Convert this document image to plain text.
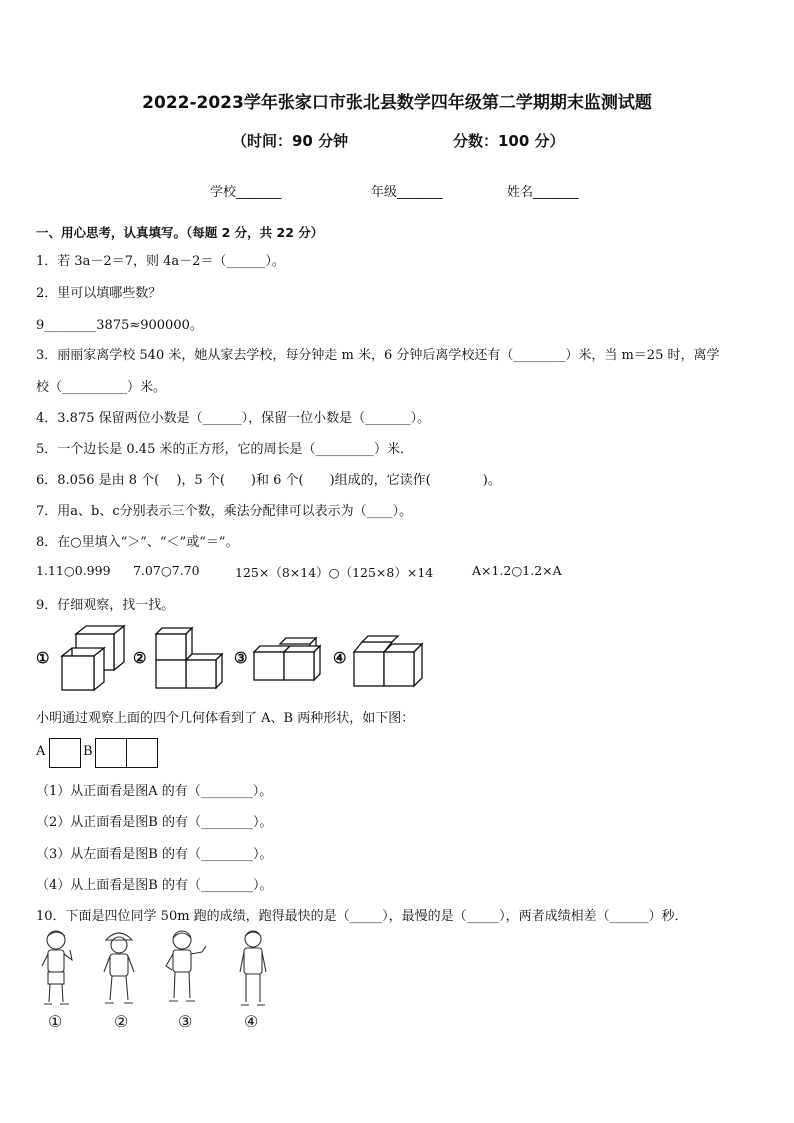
2022-2023学年张家口市张北县数学四年级第二学期期末监测试题
（时间：90 分钟	分数：100 分）
学校_______	年级_______	姓名_______
一、用心思考，认真填写。（每题 2 分，共 22 分）
1．若 3a－2＝7，则 4a－2＝（______）。
2．里可以填哪些数？
9________3875≈900000。
3．丽丽家离学校 540 米，她从家去学校，每分钟走 m 米，6 分钟后离学校还有（________）米，当 m＝25 时，离学
校（__________）米。
4．3.875 保留两位小数是（______），保留一位小数是（_______）。
5．一个边长是 0.45 米的正方形，它的周长是（_________）米．
6．8.056 是由 8 个(　 )，5 个(　　)和 6 个(　　)组成的，它读作(　　　　)。
7．用a、b、c分别表示三个数，乘法分配律可以表示为（____）。
8．在○里填入“＞”、“＜”或“＝”。
1.11○0.999 7.07○7.70	125×（8×14）○（125×8）×14	A×1.2○1.2×A
9．仔细观察，找一找。
①	②	③	④
小明通过观察上面的四个几何体看到了 A、B 两种形状，如下图：
A	B
（1）从正面看是图A 的有（________）。
（2）从正面看是图B 的有（________）。
（3）从左面看是图B 的有（________）。
（4）从上面看是图B 的有（________）。
10．下面是四位同学 50m 跑的成绩，跑得最快的是（_____），最慢的是（_____），两者成绩相差（______）秒．
①	②	③	④
